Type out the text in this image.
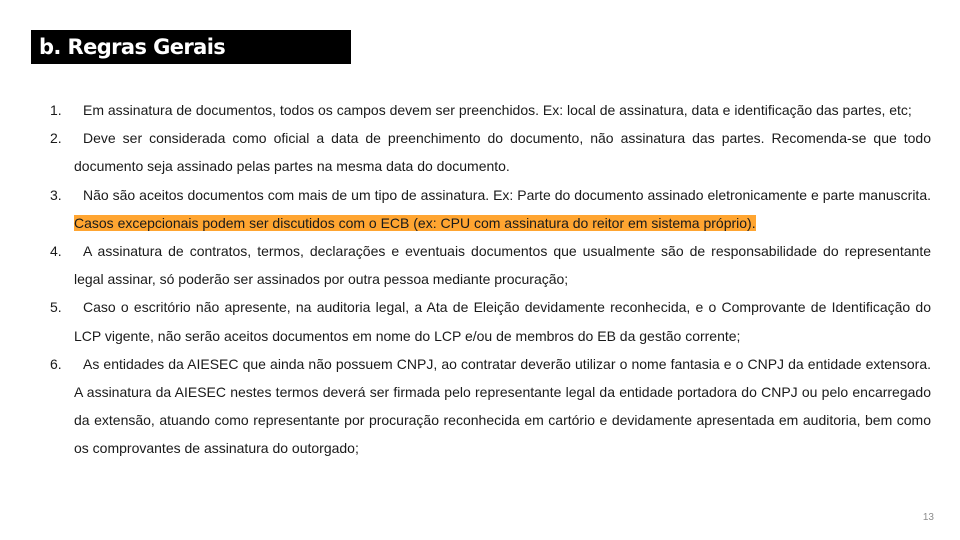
b. Regras Gerais
1.	Em assinatura de documentos, todos os campos devem ser preenchidos. Ex: local de assinatura, data e identificação das partes, etc;
2.	Deve ser considerada como oficial a data de preenchimento do documento, não assinatura das partes. Recomenda-se que todo documento seja assinado pelas partes na mesma data do documento.
3.	Não são aceitos documentos com mais de um tipo de assinatura. Ex: Parte do documento assinado eletronicamente e parte manuscrita. Casos excepcionais podem ser discutidos com o ECB (ex: CPU com assinatura do reitor em sistema próprio).
4.	A assinatura de contratos, termos, declarações e eventuais documentos que usualmente são de responsabilidade do representante legal assinar, só poderão ser assinados por outra pessoa mediante procuração;
5.	Caso o escritório não apresente, na auditoria legal, a Ata de Eleição devidamente reconhecida, e o Comprovante de Identificação do LCP vigente, não serão aceitos documentos em nome do LCP e/ou de membros do EB da gestão corrente;
6.	As entidades da AIESEC que ainda não possuem CNPJ, ao contratar deverão utilizar o nome fantasia e o CNPJ da entidade extensora. A assinatura da AIESEC nestes termos deverá ser firmada pelo representante legal da entidade portadora do CNPJ ou pelo encarregado da extensão, atuando como representante por procuração reconhecida em cartório e devidamente apresentada em auditoria, bem como os comprovantes de assinatura do outorgado;
13
